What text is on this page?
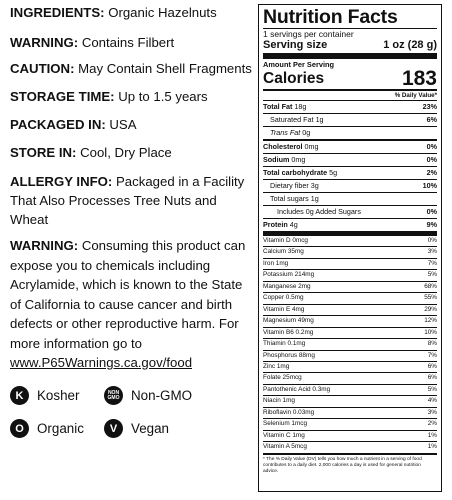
INGREDIENTS: Organic Hazelnuts
WARNING: Contains Filbert
CAUTION: May Contain Shell Fragments
STORAGE TIME: Up to 1.5 years
PACKAGED IN: USA
STORE IN: Cool, Dry Place
ALLERGY INFO: Packaged in a Facility That Also Processes Tree Nuts and Wheat
WARNING: Consuming this product can expose you to chemicals including Acrylamide, which is known to the State of California to cause cancer and birth defects or other reproductive harm. For more information go to www.P65Warnings.ca.gov/food
K	Kosher	NON GMO Non-GMO
O Organic	V	Vegan
Nutrition Facts
1 servings per container
Serving size	1 oz (28 g)
Amount Per Serving
Calories	183
% Daily Value*
Total Fat 18g	23%
Saturated Fat 1g	6%
Trans Fat 0g
Cholesterol 0mg	0%
Sodium 0mg	0%
Total carbohydrate 5g	2%
Dietary fiber 3g	10%
Total sugars 1g
Includes 0g Added Sugars	0%
Protein 4g	9%
Vitamin D 0mcg	0%
Calcium 35mg	3%
Iron 1mg	7%
Potassium 214mg	5%
Manganese 2mg	68%
Copper 0.5mg	55%
Vitamin E 4mg	29%
Magnesium 49mg	12%
Vitamin B6 0.2mg	10%
Thiamin 0.1mg	8%
Phosphorus 88mg	7%
Zinc 1mg	6%
Folate 25mcg	6%
Pantothenic Acid 0.3mg	5%
Niacin 1mg	4%
Riboflavin 0.03mg	3%
Selenium 1mcg	2%
Vitamin C 1mg	1%
Vitamin A 5mcg	1%
* The % Daily Value (DV) tells you how much a nutrient in a serving of food contributes to a daily diet. 2,000 calories a day is used for general nutrition advice.
